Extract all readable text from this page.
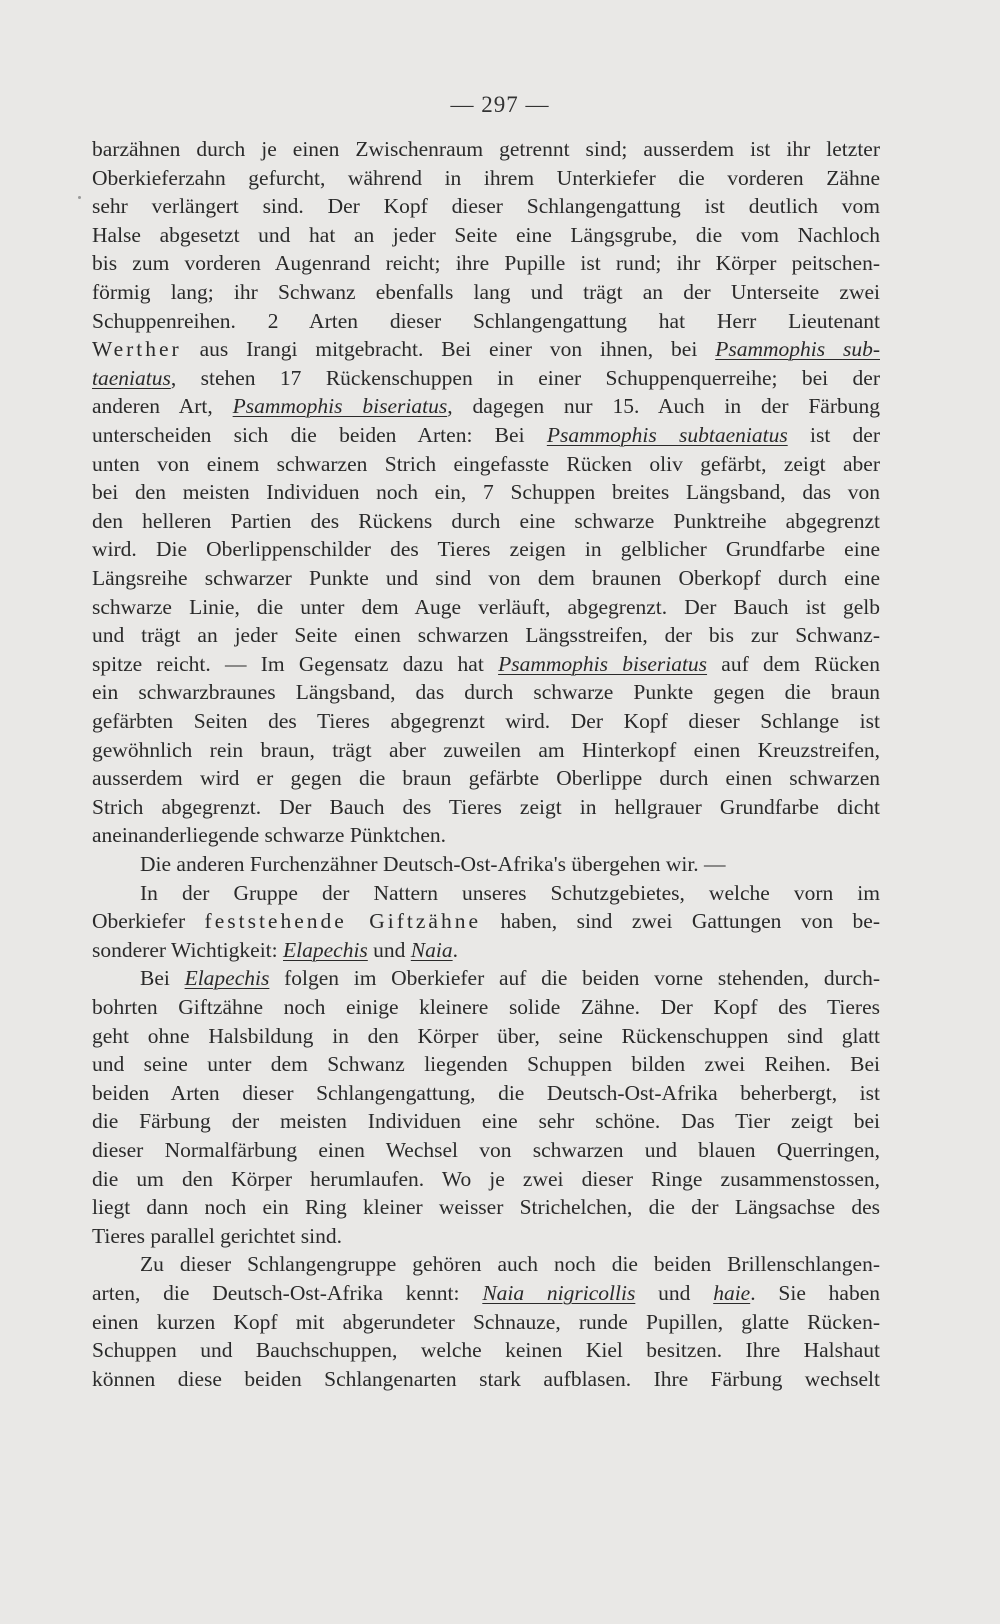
— 297 —
barzähnen durch je einen Zwischenraum getrennt sind; ausserdem ist ihr letzter
Oberkieferzahn gefurcht, während in ihrem Unterkiefer die vorderen Zähne
sehr verlängert sind. Der Kopf dieser Schlangengattung ist deutlich vom
Halse abgesetzt und hat an jeder Seite eine Längsgrube, die vom Nachloch
bis zum vorderen Augenrand reicht; ihre Pupille ist rund; ihr Körper peitschen-
förmig lang; ihr Schwanz ebenfalls lang und trägt an der Unterseite zwei
Schuppenreihen. 2 Arten dieser Schlangengattung hat Herr Lieutenant
Werther aus Irangi mitgebracht. Bei einer von ihnen, bei Psammophis sub-
taeniatus, stehen 17 Rückenschuppen in einer Schuppenquerreihe; bei der
anderen Art, Psammophis biseriatus, dagegen nur 15. Auch in der Färbung
unterscheiden sich die beiden Arten: Bei Psammophis subtaeniatus ist der
unten von einem schwarzen Strich eingefasste Rücken oliv gefärbt, zeigt aber
bei den meisten Individuen noch ein, 7 Schuppen breites Längsband, das von
den helleren Partien des Rückens durch eine schwarze Punktreihe abgegrenzt
wird. Die Oberlippenschilder des Tieres zeigen in gelblicher Grundfarbe eine
Längsreihe schwarzer Punkte und sind von dem braunen Oberkopf durch eine
schwarze Linie, die unter dem Auge verläuft, abgegrenzt. Der Bauch ist gelb
und trägt an jeder Seite einen schwarzen Längsstreifen, der bis zur Schwanz-
spitze reicht. — Im Gegensatz dazu hat Psammophis biseriatus auf dem Rücken
ein schwarzbraunes Längsband, das durch schwarze Punkte gegen die braun
gefärbten Seiten des Tieres abgegrenzt wird. Der Kopf dieser Schlange ist
gewöhnlich rein braun, trägt aber zuweilen am Hinterkopf einen Kreuzstreifen,
ausserdem wird er gegen die braun gefärbte Oberlippe durch einen schwarzen
Strich abgegrenzt. Der Bauch des Tieres zeigt in hellgrauer Grundfarbe dicht
aneinanderliegende schwarze Pünktchen.
Die anderen Furchenzähner Deutsch-Ost-Afrika's übergehen wir. —
In der Gruppe der Nattern unseres Schutzgebietes, welche vorn im
Oberkiefer feststehende Giftzähne haben, sind zwei Gattungen von be-
sonderer Wichtigkeit: Elapechis und Naia.
Bei Elapechis folgen im Oberkiefer auf die beiden vorne stehenden, durch-
bohrten Giftzähne noch einige kleinere solide Zähne. Der Kopf des Tieres
geht ohne Halsbildung in den Körper über, seine Rückenschuppen sind glatt
und seine unter dem Schwanz liegenden Schuppen bilden zwei Reihen. Bei
beiden Arten dieser Schlangengattung, die Deutsch-Ost-Afrika beherbergt, ist
die Färbung der meisten Individuen eine sehr schöne. Das Tier zeigt bei
dieser Normalfärbung einen Wechsel von schwarzen und blauen Querringen,
die um den Körper herumlaufen. Wo je zwei dieser Ringe zusammenstossen,
liegt dann noch ein Ring kleiner weisser Strichelchen, die der Längsachse des
Tieres parallel gerichtet sind.
Zu dieser Schlangengruppe gehören auch noch die beiden Brillenschlangen-
arten, die Deutsch-Ost-Afrika kennt: Naia nigricollis und haie. Sie haben
einen kurzen Kopf mit abgerundeter Schnauze, runde Pupillen, glatte Rücken-
Schuppen und Bauchschuppen, welche keinen Kiel besitzen. Ihre Halshaut
können diese beiden Schlangenarten stark aufblasen. Ihre Färbung wechselt
